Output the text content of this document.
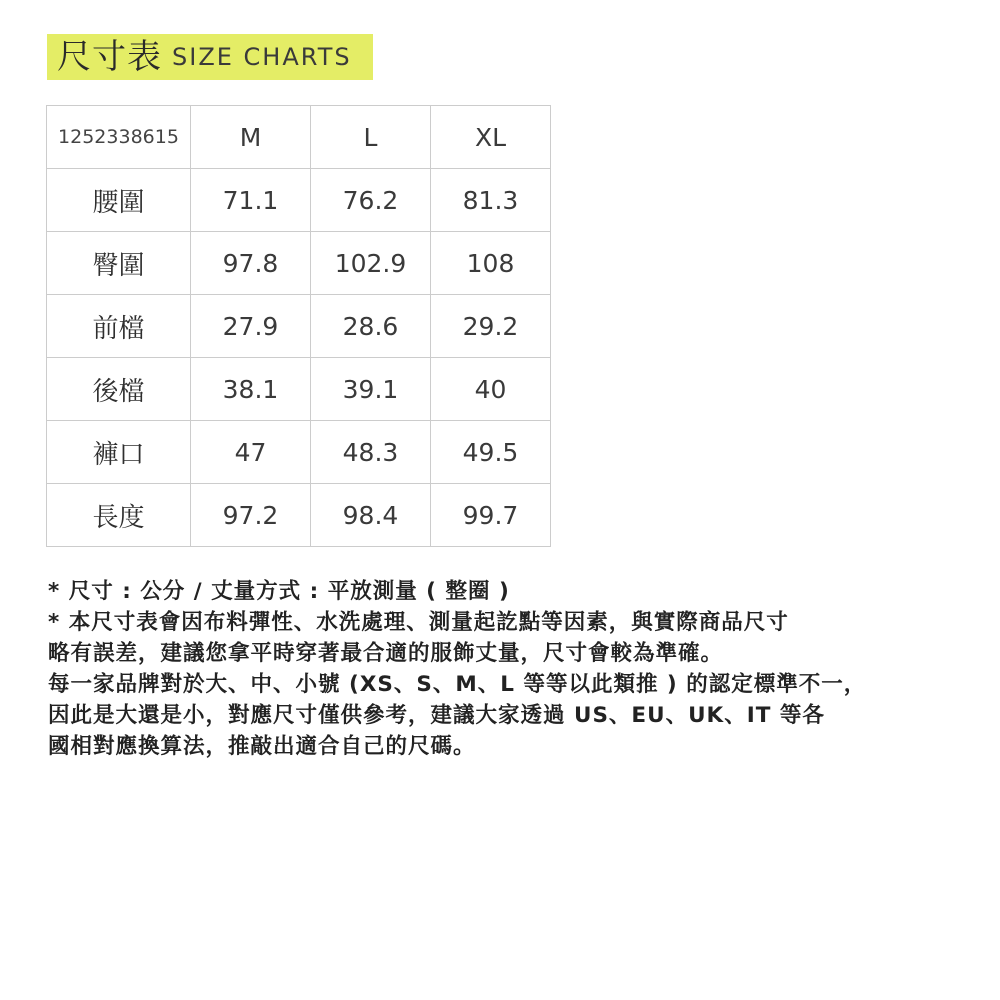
尺寸表 SIZE CHARTS
1252338615	M	L	XL
腰圍	71.1	76.2	81.3
臀圍	97.8	102.9	108
前檔	27.9	28.6	29.2
後檔	38.1	39.1	40
褲口	47	48.3	49.5
長度	97.2	98.4	99.7
* 尺寸 : 公分 / 丈量方式 : 平放測量 ( 整圈 )
* 本尺寸表會因布料彈性、水洗處理、測量起訖點等因素，與實際商品尺寸
略有誤差，建議您拿平時穿著最合適的服飾丈量，尺寸會較為準確。
每一家品牌對於大、中、小號 (XS、S、M、L 等等以此類推 ) 的認定標準不一，
因此是大還是小，對應尺寸僅供參考，建議大家透過 US、EU、UK、IT 等各
國相對應換算法，推敲出適合自己的尺碼。
